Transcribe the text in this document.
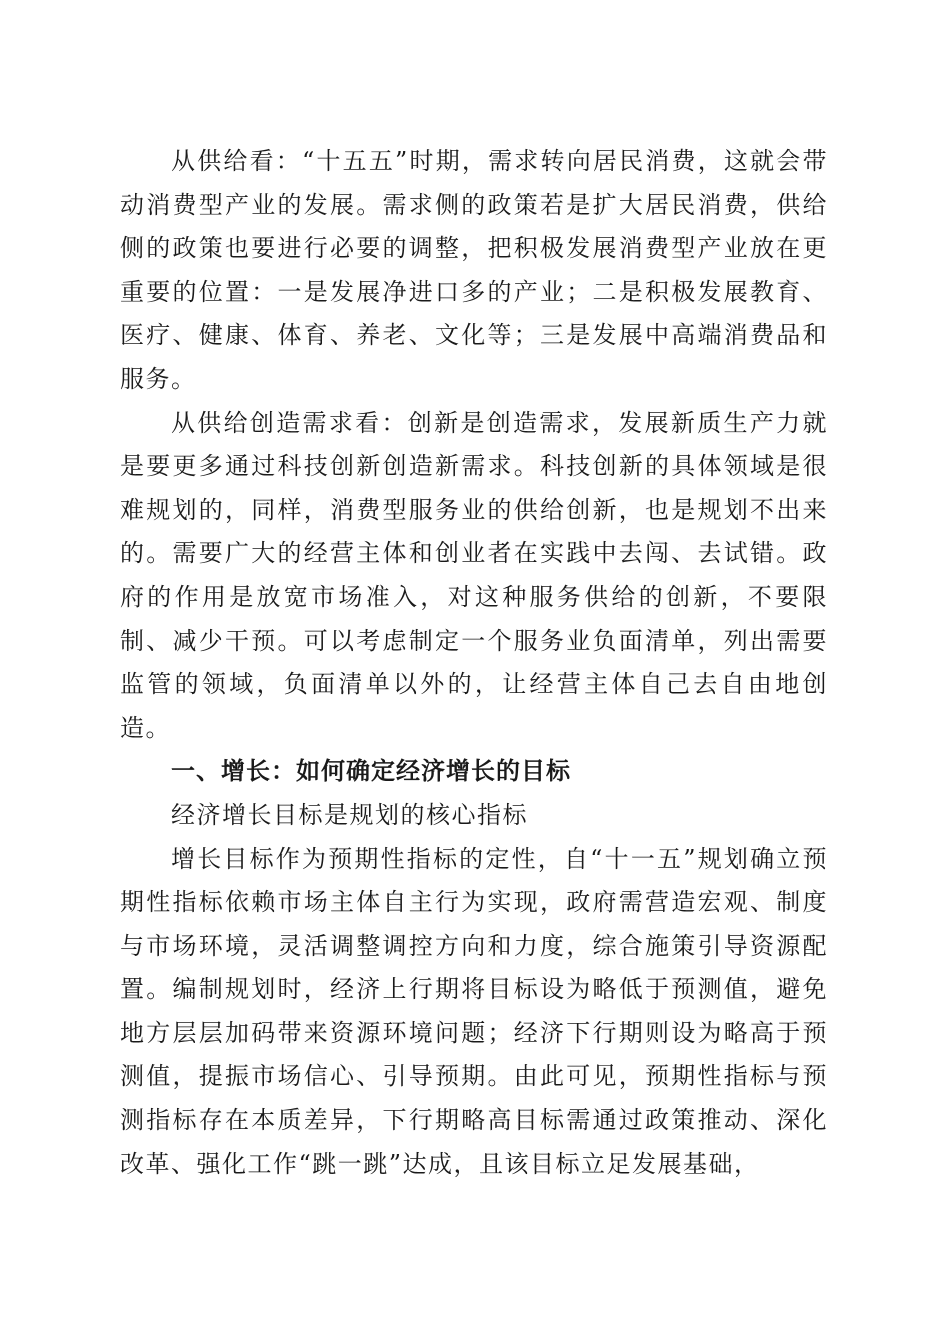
从供给看：“十五五”时期，需求转向居民消费，这就会带动消费型产业的发展。需求侧的政策若是扩大居民消费，供给侧的政策也要进行必要的调整，把积极发展消费型产业放在更重要的位置：一是发展净进口多的产业；二是积极发展教育、医疗、健康、体育、养老、文化等；三是发展中高端消费品和服务。

从供给创造需求看：创新是创造需求，发展新质生产力就是要更多通过科技创新创造新需求。科技创新的具体领域是很难规划的，同样，消费型服务业的供给创新，也是规划不出来的。需要广大的经营主体和创业者在实践中去闯、去试错。政府的作用是放宽市场准入，对这种服务供给的创新，不要限制、减少干预。可以考虑制定一个服务业负面清单，列出需要监管的领域，负面清单以外的，让经营主体自己去自由地创造。

一、增长：如何确定经济增长的目标

经济增长目标是规划的核心指标

增长目标作为预期性指标的定性，自“十一五”规划确立预期性指标依赖市场主体自主行为实现，政府需营造宏观、制度与市场环境，灵活调整调控方向和力度，综合施策引导资源配置。编制规划时，经济上行期将目标设为略低于预测值，避免地方层层加码带来资源环境问题；经济下行期则设为略高于预测值，提振市场信心、引导预期。由此可见，预期性指标与预测指标存在本质差异，下行期略高目标需通过政策推动、深化改革、强化工作“跳一跳”达成，且该目标立足发展基础，
